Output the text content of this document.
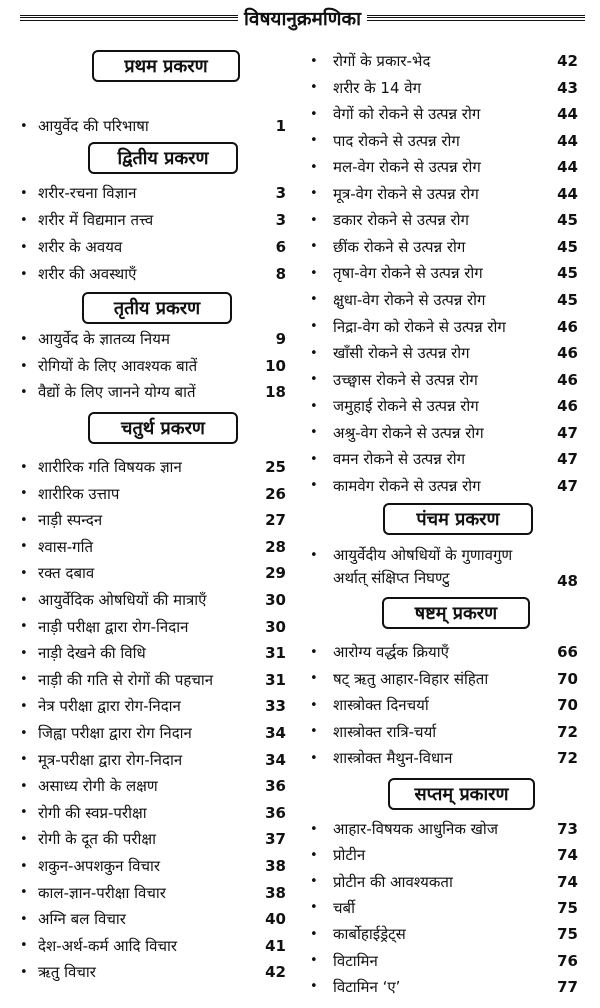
विषयानुक्रमणिका
प्रथम प्रकरण
• आयुर्वेद की परिभाषा	1
द्वितीय प्रकरण
• शरीर-रचना विज्ञान	3
• शरीर में विद्यमान तत्त्व	3
• शरीर के अवयव	6
• शरीर की अवस्थाएँ	8
तृतीय प्रकरण
• आयुर्वेद के ज्ञातव्य नियम	9
• रोगियों के लिए आवश्यक बातें	10
• वैद्यों के लिए जानने योग्य बातें	18
चतुर्थ प्रकरण
• शारीरिक गति विषयक ज्ञान	25
• शारीरिक उत्ताप	26
• नाड़ी स्पन्दन	27
• श्वास-गति	28
• रक्त दबाव	29
• आयुर्वेदिक ओषधियों की मात्राएँ	30
• नाड़ी परीक्षा द्वारा रोग-निदान	30
• नाड़ी देखने की विधि	31
• नाड़ी की गति से रोगों की पहचान	31
• नेत्र परीक्षा द्वारा रोग-निदान	33
• जिह्वा परीक्षा द्वारा रोग निदान	34
• मूत्र-परीक्षा द्वारा रोग-निदान	34
• असाध्य रोगी के लक्षण	36
• रोगी की स्वप्न-परीक्षा	36
• रोगी के दूत की परीक्षा	37
• शकुन-अपशकुन विचार	38
• काल-ज्ञान-परीक्षा विचार	38
• अग्नि बल विचार	40
• देश-अर्थ-कर्म आदि विचार	41
• ऋतु विचार	42
• रोगों के प्रकार-भेद	42
• शरीर के 14 वेग	43
• वेगों को रोकने से उत्पन्न रोग	44
• पाद रोकने से उत्पन्न रोग	44
• मल-वेग रोकने से उत्पन्न रोग	44
• मूत्र-वेग रोकने से उत्पन्न रोग	44
• डकार रोकने से उत्पन्न रोग	45
• छींक रोकने से उत्पन्न रोग	45
• तृषा-वेग रोकने से उत्पन्न रोग	45
• क्षुधा-वेग रोकने से उत्पन्न रोग	45
• निद्रा-वेग को रोकने से उत्पन्न रोग	46
• खाँसी रोकने से उत्पन्न रोग	46
• उच्छ्वास रोकने से उत्पन्न रोग	46
• जमुहाई रोकने से उत्पन्न रोग	46
• अश्रु-वेग रोकने से उत्पन्न रोग	47
• वमन रोकने से उत्पन्न रोग	47
• कामवेग रोकने से उत्पन्न रोग	47
पंचम प्रकरण
• आयुर्वेदीय ओषधियों के गुणावगुण
अर्थात् संक्षिप्त निघण्टु	48
षष्टम् प्रकरण
• आरोग्य वर्द्धक क्रियाएँ	66
• षट् ऋतु आहार-विहार संहिता	70
• शास्त्रोक्त दिनचर्या	70
• शास्त्रोक्त रात्रि-चर्या	72
• शास्त्रोक्त मैथुन-विधान	72
सप्तम् प्रकारण
• आहार-विषयक आधुनिक खोज	73
• प्रोटीन	74
• प्रोटीन की आवश्यकता	74
• चर्बी	75
• कार्बोहाईड्रेट्स	75
• विटामिन	76
• विटामिन ‘ए’	77
